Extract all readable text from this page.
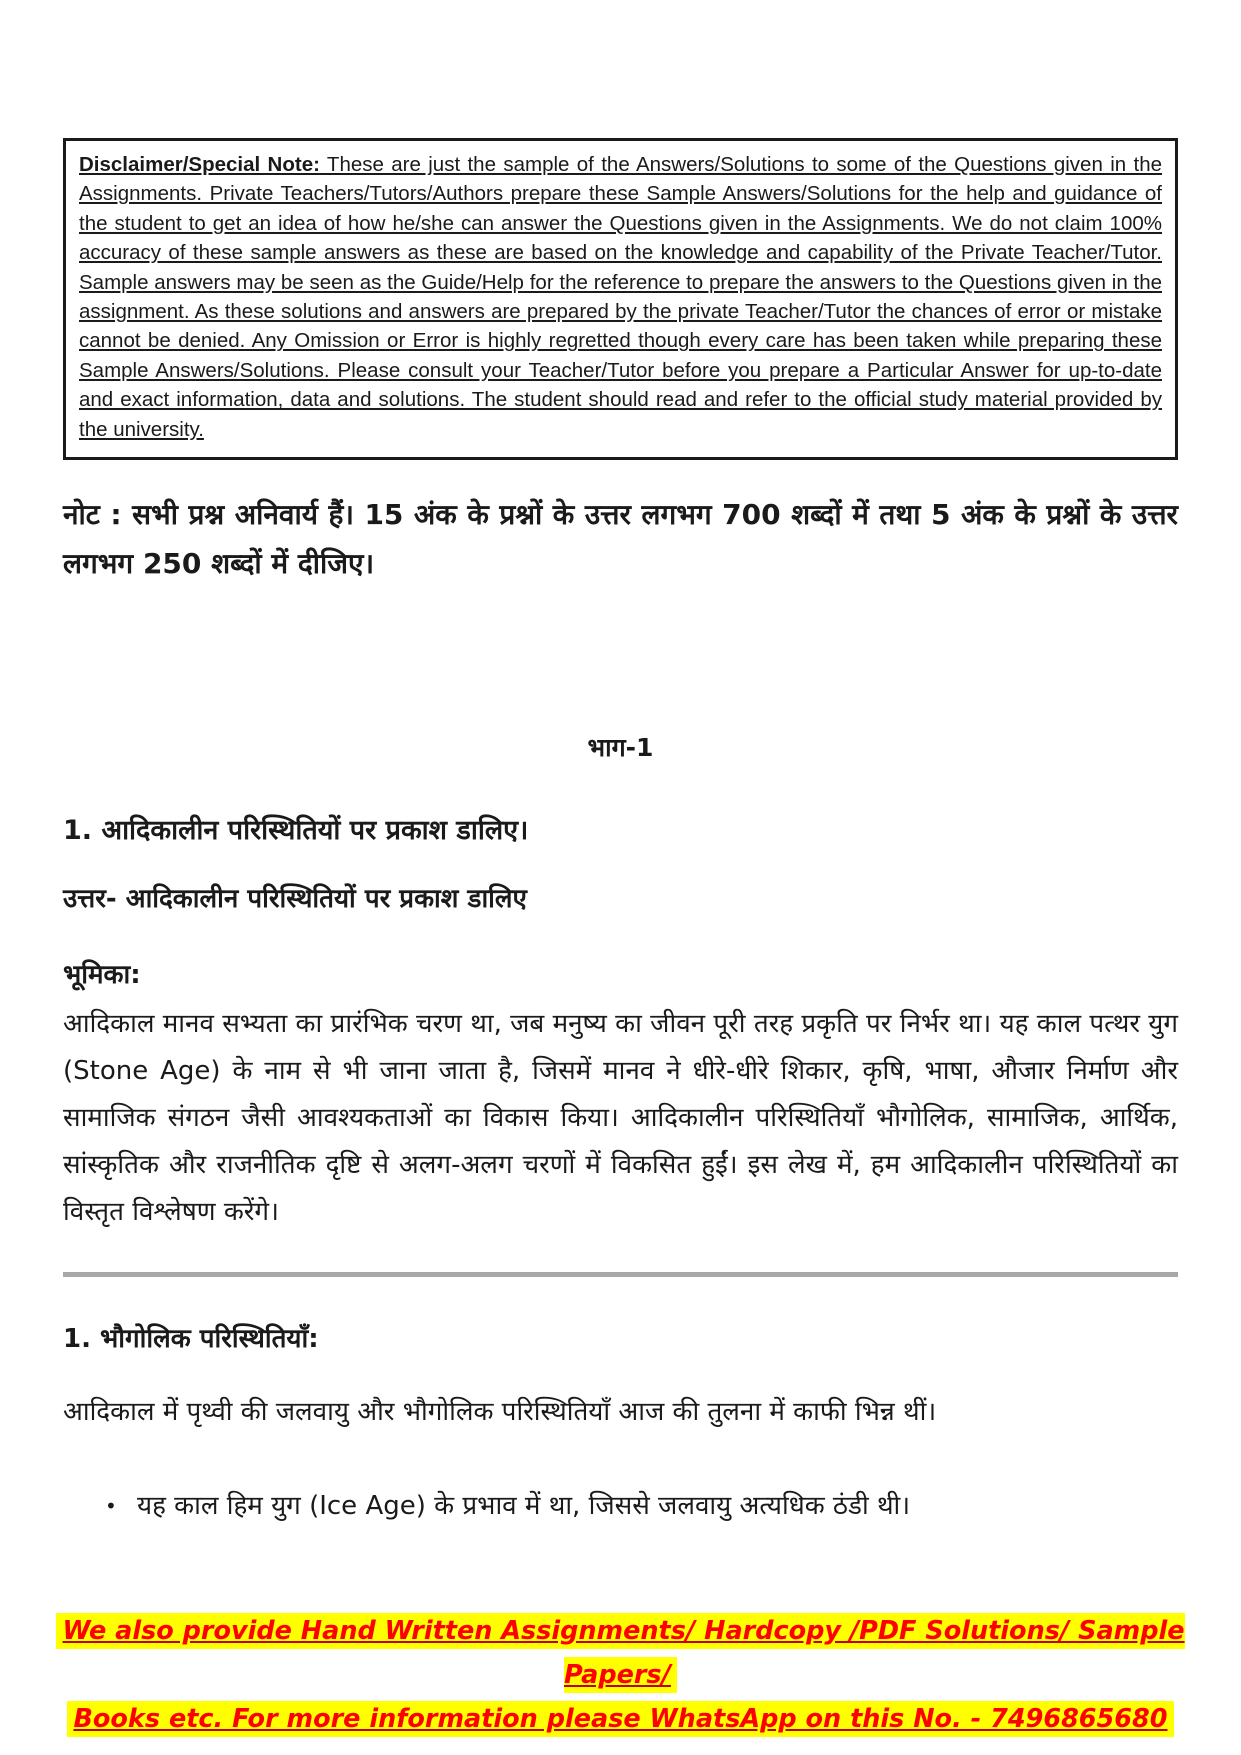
Disclaimer/Special Note: These are just the sample of the Answers/Solutions to some of the Questions given in the Assignments. Private Teachers/Tutors/Authors prepare these Sample Answers/Solutions for the help and guidance of the student to get an idea of how he/she can answer the Questions given in the Assignments. We do not claim 100% accuracy of these sample answers as these are based on the knowledge and capability of the Private Teacher/Tutor. Sample answers may be seen as the Guide/Help for the reference to prepare the answers to the Questions given in the assignment. As these solutions and answers are prepared by the private Teacher/Tutor the chances of error or mistake cannot be denied. Any Omission or Error is highly regretted though every care has been taken while preparing these Sample Answers/Solutions. Please consult your Teacher/Tutor before you prepare a Particular Answer for up-to-date and exact information, data and solutions. The student should read and refer to the official study material provided by the university.

नोट : सभी प्रश्न अनिवार्य हैं। 15 अंक के प्रश्नों के उत्तर लगभग 700 शब्दों में तथा 5 अंक के प्रश्नों के उत्तर लगभग 250 शब्दों में दीजिए।
भाग-1
1. आदिकालीन परिस्थितियों पर प्रकाश डालिए।
उत्तर- आदिकालीन परिस्थितियों पर प्रकाश डालिए
भूमिका:
आदिकाल मानव सभ्यता का प्रारंभिक चरण था, जब मनुष्य का जीवन पूरी तरह प्रकृति पर निर्भर था। यह काल पत्थर युग (Stone Age) के नाम से भी जाना जाता है, जिसमें मानव ने धीरे-धीरे शिकार, कृषि, भाषा, औजार निर्माण और सामाजिक संगठन जैसी आवश्यकताओं का विकास किया। आदिकालीन परिस्थितियाँ भौगोलिक, सामाजिक, आर्थिक, सांस्कृतिक और राजनीतिक दृष्टि से अलग-अलग चरणों में विकसित हुईं। इस लेख में, हम आदिकालीन परिस्थितियों का विस्तृत विश्लेषण करेंगे।
1. भौगोलिक परिस्थितियाँ:
आदिकाल में पृथ्वी की जलवायु और भौगोलिक परिस्थितियाँ आज की तुलना में काफी भिन्न थीं।
• यह काल हिम युग (Ice Age) के प्रभाव में था, जिससे जलवायु अत्यधिक ठंडी थी।
We also provide Hand Written Assignments/ Hardcopy /PDF Solutions/ Sample Papers/
Books etc. For more information please WhatsApp on this No. - 7496865680
